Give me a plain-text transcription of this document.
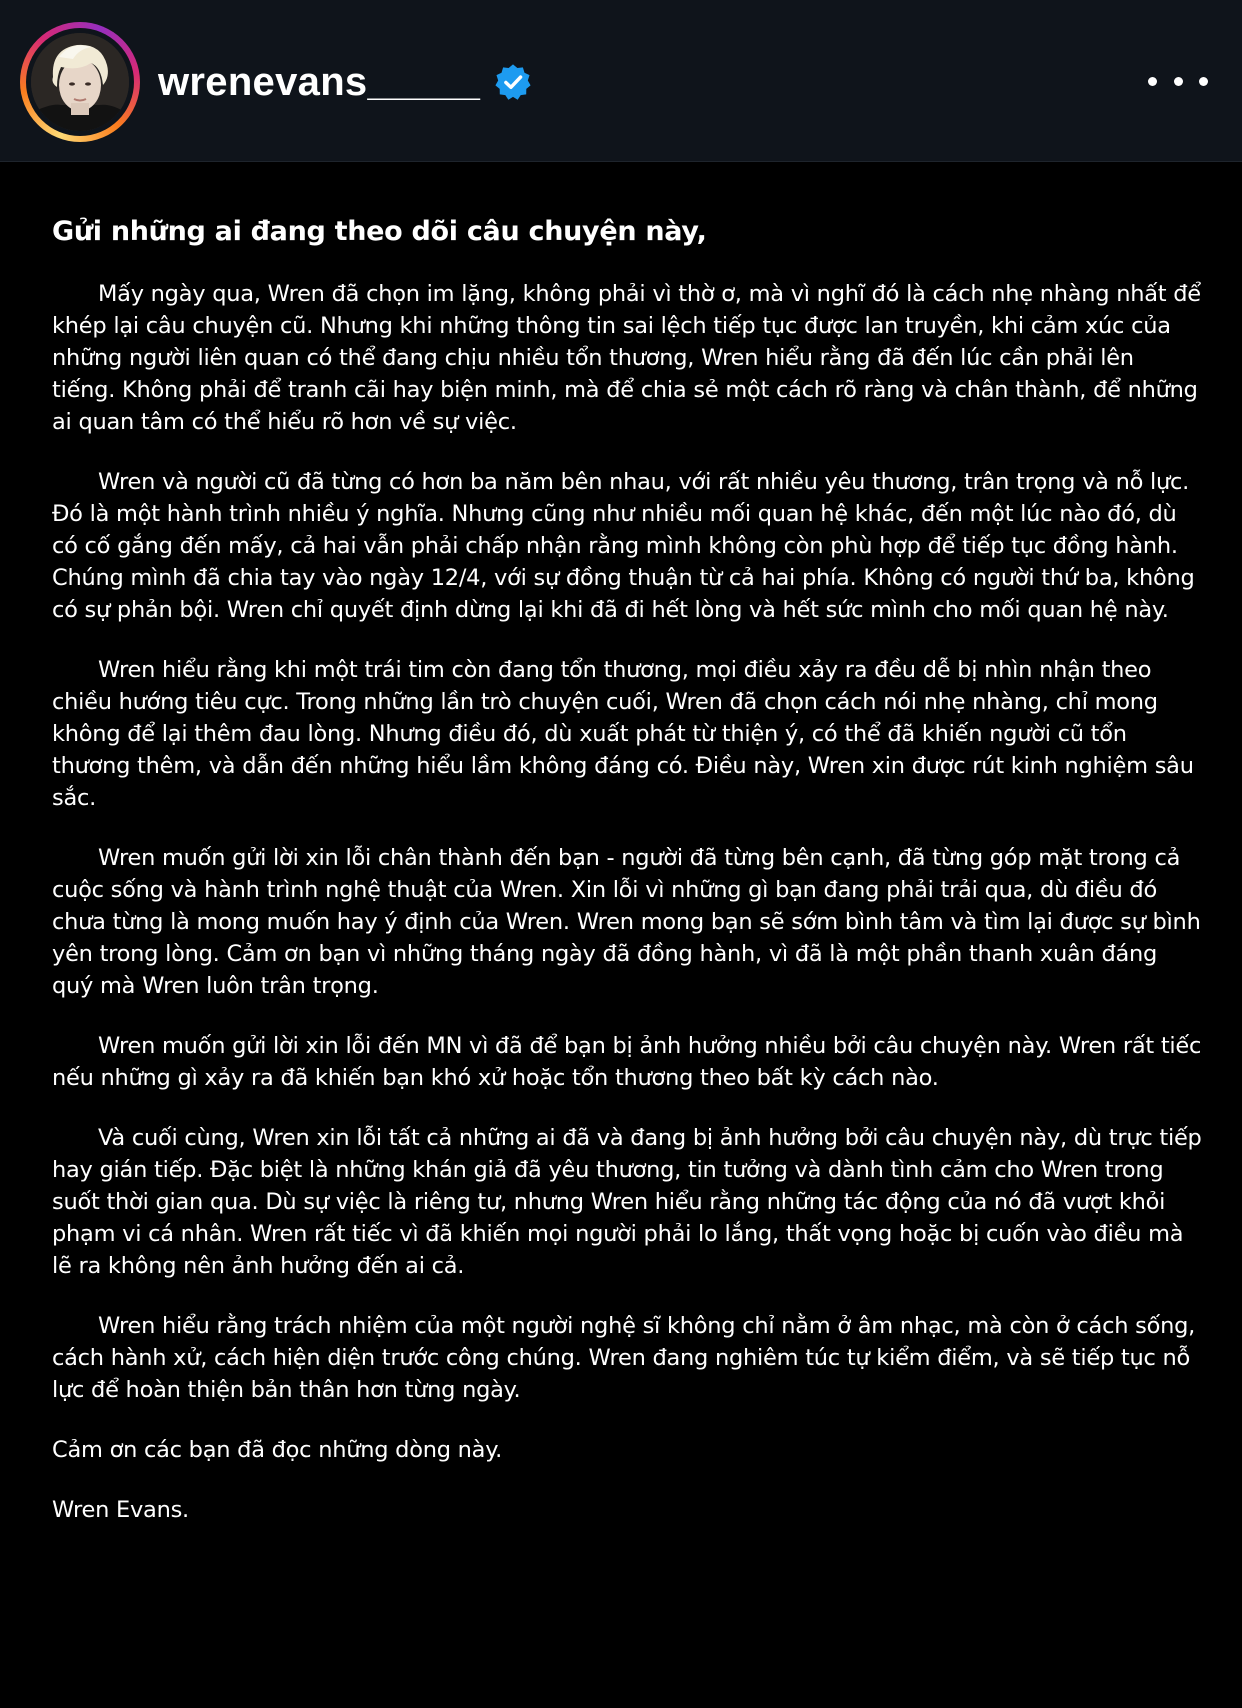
wrenevans_____

Gửi những ai đang theo dõi câu chuyện này,

Mấy ngày qua, Wren đã chọn im lặng, không phải vì thờ ơ, mà vì nghĩ đó là cách nhẹ nhàng nhất để khép lại câu chuyện cũ. Nhưng khi những thông tin sai lệch tiếp tục được lan truyền, khi cảm xúc của những người liên quan có thể đang chịu nhiều tổn thương, Wren hiểu rằng đã đến lúc cần phải lên tiếng. Không phải để tranh cãi hay biện minh, mà để chia sẻ một cách rõ ràng và chân thành, để những ai quan tâm có thể hiểu rõ hơn về sự việc.

Wren và người cũ đã từng có hơn ba năm bên nhau, với rất nhiều yêu thương, trân trọng và nỗ lực. Đó là một hành trình nhiều ý nghĩa. Nhưng cũng như nhiều mối quan hệ khác, đến một lúc nào đó, dù có cố gắng đến mấy, cả hai vẫn phải chấp nhận rằng mình không còn phù hợp để tiếp tục đồng hành. Chúng mình đã chia tay vào ngày 12/4, với sự đồng thuận từ cả hai phía. Không có người thứ ba, không có sự phản bội. Wren chỉ quyết định dừng lại khi đã đi hết lòng và hết sức mình cho mối quan hệ này.

Wren hiểu rằng khi một trái tim còn đang tổn thương, mọi điều xảy ra đều dễ bị nhìn nhận theo chiều hướng tiêu cực. Trong những lần trò chuyện cuối, Wren đã chọn cách nói nhẹ nhàng, chỉ mong không để lại thêm đau lòng. Nhưng điều đó, dù xuất phát từ thiện ý, có thể đã khiến người cũ tổn thương thêm, và dẫn đến những hiểu lầm không đáng có. Điều này, Wren xin được rút kinh nghiệm sâu sắc.

Wren muốn gửi lời xin lỗi chân thành đến bạn - người đã từng bên cạnh, đã từng góp mặt trong cả cuộc sống và hành trình nghệ thuật của Wren. Xin lỗi vì những gì bạn đang phải trải qua, dù điều đó chưa từng là mong muốn hay ý định của Wren. Wren mong bạn sẽ sớm bình tâm và tìm lại được sự bình yên trong lòng. Cảm ơn bạn vì những tháng ngày đã đồng hành, vì đã là một phần thanh xuân đáng quý mà Wren luôn trân trọng.

Wren muốn gửi lời xin lỗi đến MN vì đã để bạn bị ảnh hưởng nhiều bởi câu chuyện này. Wren rất tiếc nếu những gì xảy ra đã khiến bạn khó xử hoặc tổn thương theo bất kỳ cách nào.

Và cuối cùng, Wren xin lỗi tất cả những ai đã và đang bị ảnh hưởng bởi câu chuyện này, dù trực tiếp hay gián tiếp. Đặc biệt là những khán giả đã yêu thương, tin tưởng và dành tình cảm cho Wren trong suốt thời gian qua. Dù sự việc là riêng tư, nhưng Wren hiểu rằng những tác động của nó đã vượt khỏi phạm vi cá nhân. Wren rất tiếc vì đã khiến mọi người phải lo lắng, thất vọng hoặc bị cuốn vào điều mà lẽ ra không nên ảnh hưởng đến ai cả.

Wren hiểu rằng trách nhiệm của một người nghệ sĩ không chỉ nằm ở âm nhạc, mà còn ở cách sống, cách hành xử, cách hiện diện trước công chúng. Wren đang nghiêm túc tự kiểm điểm, và sẽ tiếp tục nỗ lực để hoàn thiện bản thân hơn từng ngày.

Cảm ơn các bạn đã đọc những dòng này.

Wren Evans.
